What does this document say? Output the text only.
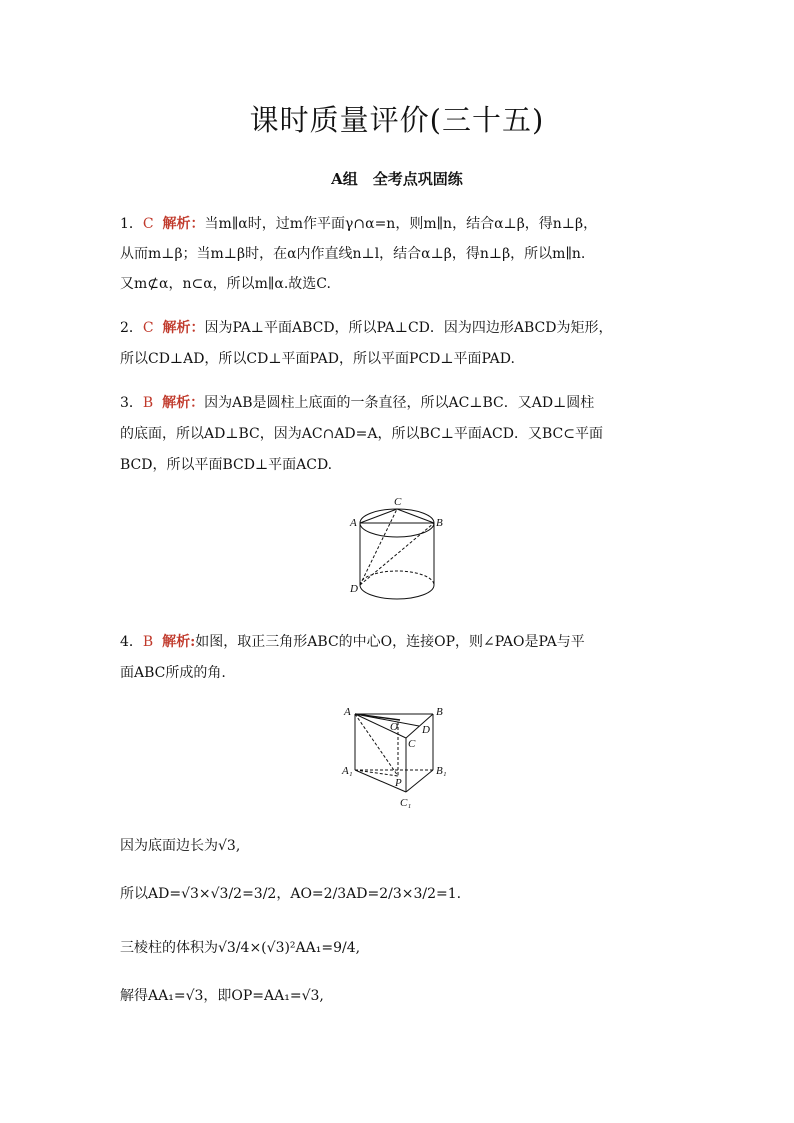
课时质量评价(三十五)
A组　全考点巩固练
1．C 解析：当m∥α时，过m作平面γ∩α=n，则m∥n，结合α⊥β，得n⊥β，
从而m⊥β；当m⊥β时，在α内作直线n⊥l，结合α⊥β，得n⊥β，所以m∥n.
又m⊄α，n⊂α，所以m∥α.故选C.
2．C 解析：因为PA⊥平面ABCD，所以PA⊥CD．因为四边形ABCD为矩形，
所以CD⊥AD，所以CD⊥平面PAD，所以平面PCD⊥平面PAD.
3．B 解析：因为AB是圆柱上底面的一条直径，所以AC⊥BC．又AD⊥圆柱
的底面，所以AD⊥BC，因为AC∩AD=A，所以BC⊥平面ACD．又BC⊂平面
BCD，所以平面BCD⊥平面ACD.
C
A	B
D
4．B 解析:如图，取正三角形ABC的中心O，连接OP，则∠PAO是PA与平
面ABC所成的角.
A	B
O D
C
A₁	B₁
P
C₁
因为底面边长为√3,
所以AD=√3×√3/2=3/2，AO=2/3AD=2/3×3/2=1.
三棱柱的体积为√3/4×(√3)²AA₁=9/4,
解得AA₁=√3，即OP=AA₁=√3,
